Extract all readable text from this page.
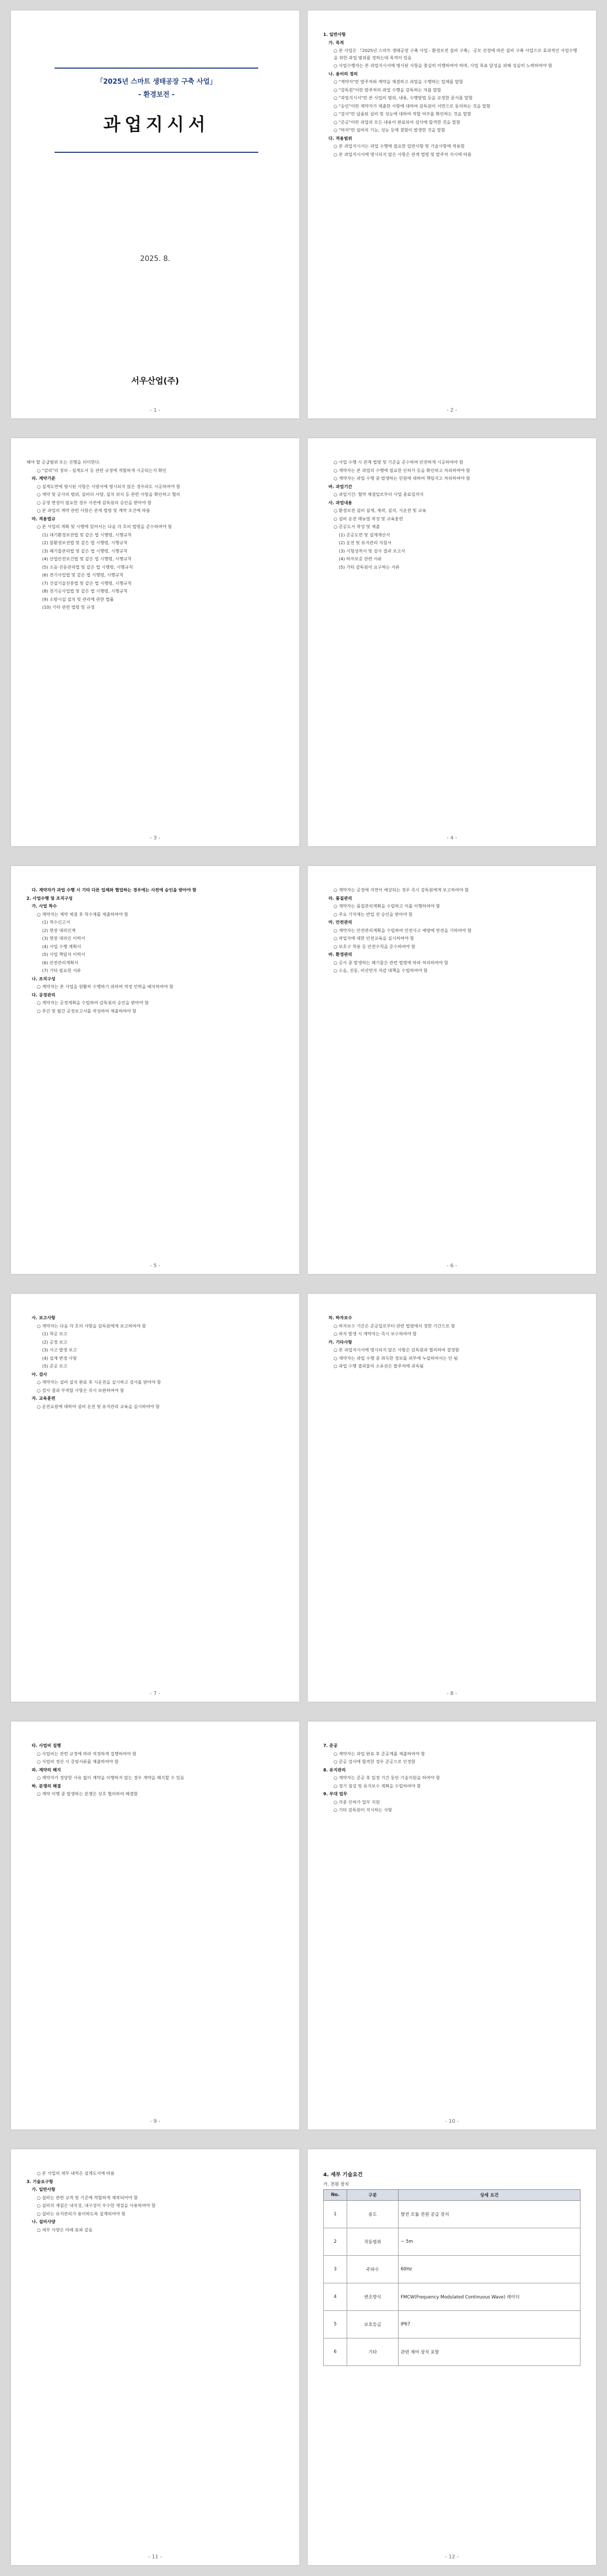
「2025년 스마트 생태공장 구축 사업」
- 환경보전 -
과업지시서
2025. 8.
서우산업(주)
- 1 -

1. 일반사항

가. 목적

○ 본 사업은 『2025년 스마트 생태공장 구축 사업 - 환경보전 설비 구축』 공모 선정에 따른 설비 구축 사업으로 효과적인 사업수행을 위한 과업 범위를 정하는데 목적이 있음

○ 사업수행자는 본 과업지시서에 명시된 사항을 충실히 이행하여야 하며, 사업 목표 달성을 위해 성실히 노력하여야 함

나. 용어의 정의

○ "계약자"란 발주처와 계약을 체결하고 과업을 수행하는 업체를 말함

○ "감독원"이란 발주처의 과업 수행을 감독하는 자를 말함

○ "과업지시서"란 본 사업의 범위, 내용, 수행방법 등을 규정한 문서를 말함

○ "승인"이란 계약자가 제출한 사항에 대하여 감독원이 서면으로 동의하는 것을 말함

○ "검사"란 납품된 설비 및 성능에 대하여 적합 여부를 확인하는 것을 말함

○ "준공"이란 과업의 모든 내용이 완료되어 검사에 합격한 것을 말함

○ "하자"란 설비의 기능, 성능 등에 결함이 발생한 것을 말함

다. 적용범위

○ 본 과업지시서는 과업 수행에 필요한 일반사항 및 기술사항에 적용함

○ 본 과업지시서에 명시되지 않은 사항은 관계 법령 및 발주처 지시에 따름

- 2 -

해야 할 공급범위 또는 진행을 의미한다.

○ "감리"의 정의 - 설계도서 등 관련 규정에 적합하게 시공되는지 확인

라. 계약기준

○ 설계도면에 명시된 사항은 시방서에 명시되지 않은 경우라도 시공하여야 함

○ 계약 및 공사의 범위, 설비의 사양, 설치 위치 등 관련 사항을 확인하고 협의

○ 공정 변경이 필요한 경우 사전에 감독원의 승인을 받아야 함

○ 본 과업의 계약 관련 사항은 관계 법령 및 계약 조건에 따름

마. 적용법규

○ 본 사업의 계획 및 시행에 있어서는 다음 각 호의 법령을 준수하여야 함

(1) 대기환경보전법 및 같은 법 시행령, 시행규칙

(2) 물환경보전법 및 같은 법 시행령, 시행규칙

(3) 폐기물관리법 및 같은 법 시행령, 시행규칙

(4) 산업안전보건법 및 같은 법 시행령, 시행규칙

(5) 소음·진동관리법 및 같은 법 시행령, 시행규칙

(6) 전기사업법 및 같은 법 시행령, 시행규칙

(7) 건설기술진흥법 및 같은 법 시행령, 시행규칙

(8) 전기공사업법 및 같은 법 시행령, 시행규칙

(9) 소방시설 설치 및 관리에 관한 법률

(10) 기타 관련 법령 및 규정

- 3 -

○ 사업 수행 시 관계 법령 및 기준을 준수하여 안전하게 시공하여야 함

○ 계약자는 본 과업의 수행에 필요한 인허가 등을 확인하고 처리하여야 함

○ 계약자는 과업 수행 중 발생하는 민원에 대하여 책임지고 처리하여야 함

바. 과업기간

○ 과업기간: 협약 체결일로부터 사업 종료일까지

사. 과업내용

○ 환경보전 설비 설계, 제작, 설치, 시운전 및 교육

○ 설비 운전 매뉴얼 작성 및 교육훈련

○ 준공도서 작성 및 제출

(1) 준공도면 및 설계계산서

(2) 운전 및 유지관리 지침서

(3) 시험성적서 및 검사 결과 보고서

(4) 하자보증 관련 서류

(5) 기타 감독원이 요구하는 서류

- 4 -

다. 계약자가 과업 수행 시 기타 다른 업체와 협업하는 경우에는 사전에 승인을 받아야 함

2. 사업수행 및 조직구성

가. 사업 착수

○ 계약자는 계약 체결 후 착수계를 제출하여야 함

(1) 착수신고서

(2) 현장 대리인계

(3) 현장 대리인 이력서

(4) 사업 수행 계획서

(5) 사업 책임자 이력서

(6) 안전관리계획서

(7) 기타 필요한 서류

나. 조직구성

○ 계약자는 본 사업을 원활히 수행하기 위하여 적정 인력을 배치하여야 함

다. 공정관리

○ 계약자는 공정계획을 수립하여 감독원의 승인을 받아야 함

○ 주간 및 월간 공정보고서를 작성하여 제출하여야 함

- 5 -

○ 계약자는 공정에 지연이 예상되는 경우 즉시 감독원에게 보고하여야 함

라. 품질관리

○ 계약자는 품질관리계획을 수립하고 이를 이행하여야 함

○ 주요 기자재는 반입 전 승인을 받아야 함

마. 안전관리

○ 계약자는 안전관리계획을 수립하여 안전사고 예방에 만전을 기하여야 함

○ 작업자에 대한 안전교육을 실시하여야 함

○ 보호구 착용 등 안전수칙을 준수하여야 함

바. 환경관리

○ 공사 중 발생하는 폐기물은 관련 법령에 따라 처리하여야 함

○ 소음, 진동, 비산먼지 저감 대책을 수립하여야 함

- 6 -

사. 보고사항

○ 계약자는 다음 각 호의 사항을 감독원에게 보고하여야 함

(1) 착공 보고

(2) 공정 보고

(3) 사고 발생 보고

(4) 설계 변경 사항

(5) 준공 보고

아. 검사

○ 계약자는 설비 설치 완료 후 시운전을 실시하고 검사를 받아야 함

○ 검사 결과 부적합 사항은 즉시 보완하여야 함

자. 교육훈련

○ 운전요원에 대하여 설비 운전 및 유지관리 교육을 실시하여야 함

- 7 -

차. 하자보수

○ 하자보수 기간은 준공일로부터 관련 법령에서 정한 기간으로 함

○ 하자 발생 시 계약자는 즉시 보수하여야 함

카. 기타사항

○ 본 과업지시서에 명시되지 않은 사항은 감독원과 협의하여 결정함

○ 계약자는 과업 수행 중 취득한 정보를 외부에 누설하여서는 안 됨

○ 과업 수행 결과물의 소유권은 발주처에 귀속됨

- 8 -

타. 사업비 집행

○ 사업비는 관련 규정에 따라 적정하게 집행하여야 함

○ 사업비 정산 시 증빙서류를 제출하여야 함

파. 계약의 해지

○ 계약자가 정당한 사유 없이 계약을 이행하지 않는 경우 계약을 해지할 수 있음

하. 분쟁의 해결

○ 계약 이행 중 발생하는 분쟁은 상호 협의하여 해결함

- 9 -

7. 준공

○ 계약자는 과업 완료 후 준공계를 제출하여야 함

○ 준공 검사에 합격한 경우 준공으로 인정함

8. 유지관리

○ 계약자는 준공 후 일정 기간 동안 기술지원을 하여야 함

○ 정기 점검 및 유지보수 계획을 수립하여야 함

9. 부대 업무

○ 각종 인허가 업무 지원

○ 기타 감독원이 지시하는 사항

- 10 -

○ 본 사업의 세부 내역은 설계도서에 따름

3. 기술요구항

가. 일반사항

○ 설비는 관련 규격 및 기준에 적합하게 제작되어야 함

○ 설비의 재질은 내식성, 내구성이 우수한 재질을 사용하여야 함

○ 설비는 유지관리가 용이하도록 설계되어야 함

나. 설비사양

○ 세부 사양은 아래 표와 같음

- 11 -
4. 세부 기술요건
가. 전원 장치
No.	구분	상세 요건
1	용도	발전 모듈 전원 공급 장치
2	작동범위	~ 5m
3	주파수	60Hz
4	변조방식	FMCW(Frequency Modulated Continuous Wave) 레이더
5	보호등급	IP67
6	기타	관련 제어 장치 포함
- 12 -
